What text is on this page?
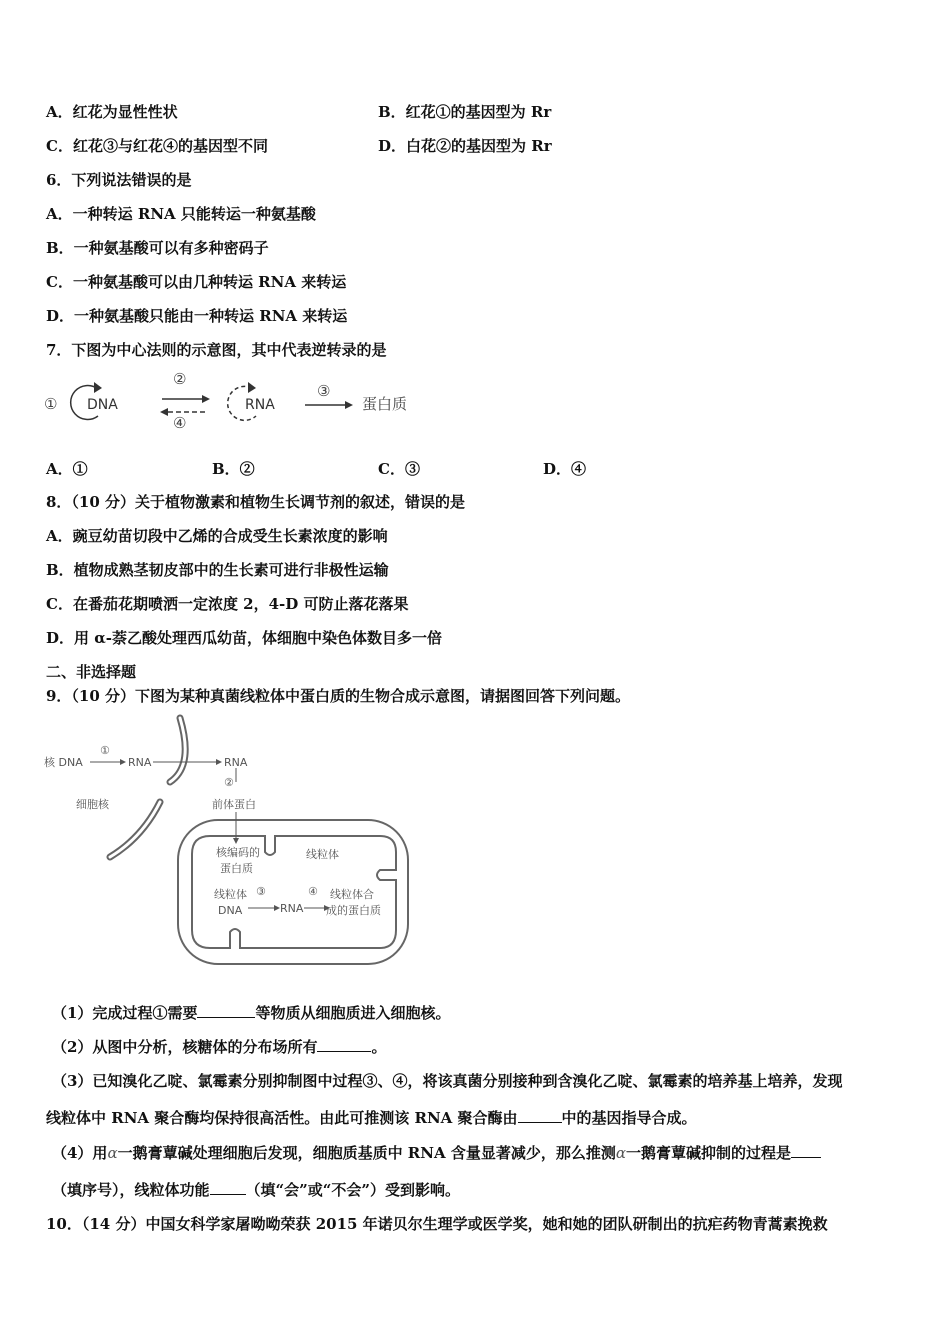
A．红花为显性性状	B．红花①的基因型为 Rr
C．红花③与红花④的基因型不同	D．白花②的基因型为 Rr
6．下列说法错误的是
A．一种转运 RNA 只能转运一种氨基酸
B．一种氨基酸可以有多种密码子
C．一种氨基酸可以由几种转运 RNA 来转运
D．一种氨基酸只能由一种转运 RNA 来转运
7．下图为中心法则的示意图，其中代表逆转录的是
① DNA
②
④
RNA
③
蛋白质
A．①	B．②	C．③	D．④
8．（10 分）关于植物激素和植物生长调节剂的叙述，错误的是
A．豌豆幼苗切段中乙烯的合成受生长素浓度的影响
B．植物成熟茎韧皮部中的生长素可进行非极性运输
C．在番茄花期喷洒一定浓度 2，4-D 可防止落花落果
D．用 α-萘乙酸处理西瓜幼苗，体细胞中染色体数目多一倍
二、非选择题
9．（10 分）下图为某种真菌线粒体中蛋白质的生物合成示意图，请据图回答下列问题。
核 DNA
①
RNA	RNA
②
前体蛋白
细胞核
核编码的
蛋白质
线粒体
线粒体
DNA
③
RNA
④ 线粒体合
成的蛋白质
（1）完成过程①需要	等物质从细胞质进入细胞核。
（2）从图中分析，核糖体的分布场所有	。
（3）已知溴化乙啶、氯霉素分别抑制图中过程③、④，将该真菌分别接种到含溴化乙啶、氯霉素的培养基上培养，发现
线粒体中 RNA 聚合酶均保持很高活性。由此可推测该 RNA 聚合酶由	中的基因指导合成。
（4）用α一鹅膏蕈碱处理细胞后发现，细胞质基质中 RNA 含量显著减少，那么推测α一鹅膏蕈碱抑制的过程是
（填序号），线粒体功能 （填“会”或“不会”）受到影响。
10．（14 分）中国女科学家屠呦呦荣获 2015 年诺贝尔生理学或医学奖，她和她的团队研制出的抗疟药物青蒿素挽救
